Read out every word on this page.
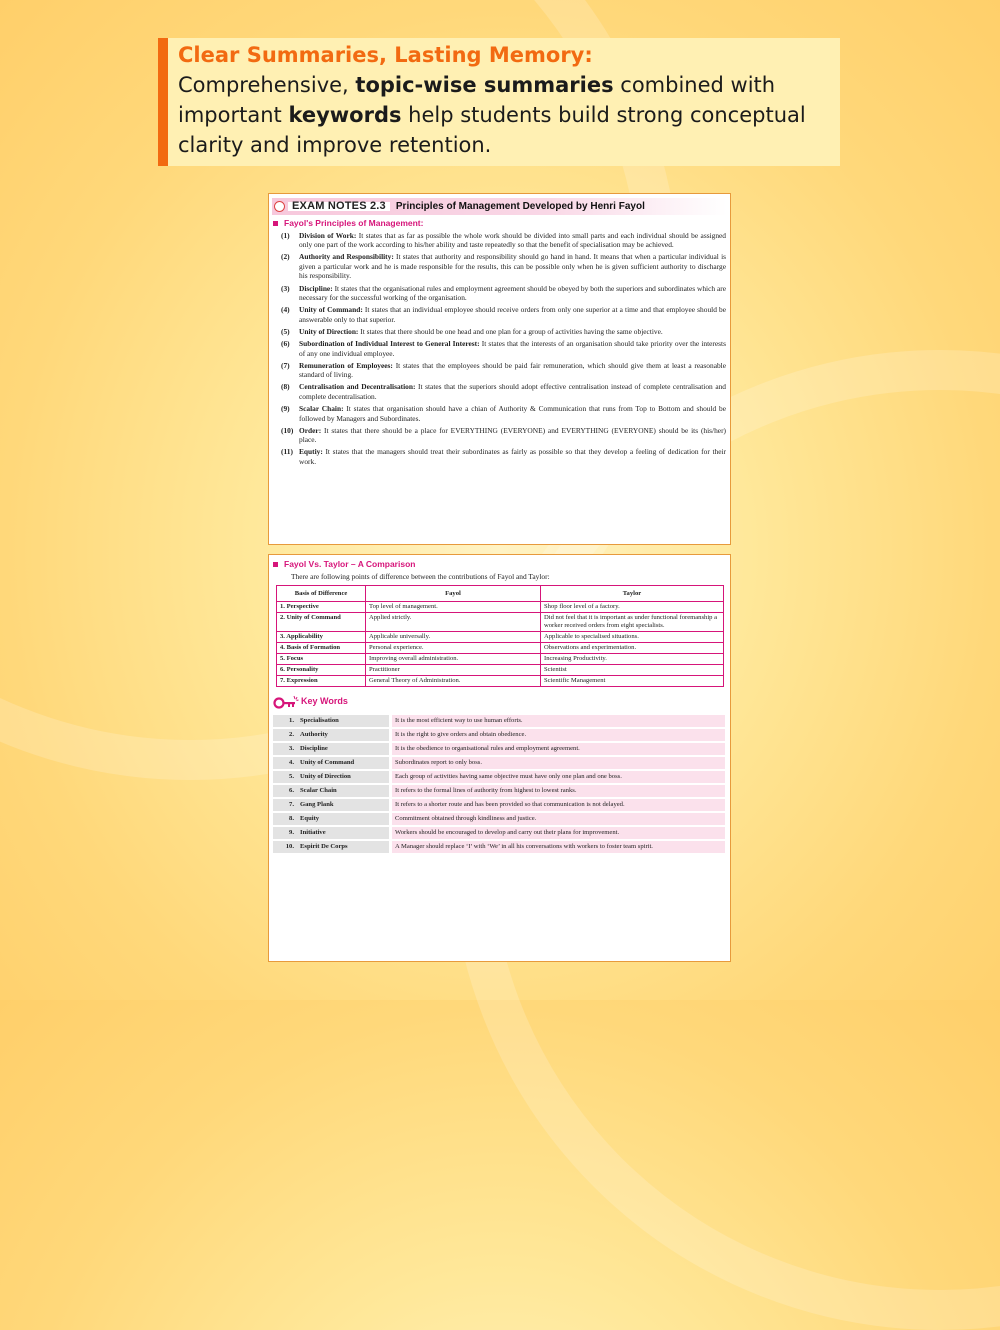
Clear Summaries, Lasting Memory:

Comprehensive, topic-wise summaries combined with important keywords help students build strong conceptual clarity and improve retention.

EXAM NOTES 2.3	Principles of Management Developed by Henri Fayol
Fayol's Principles of Management:
(1)	Division of Work: It states that as far as possible the whole work should be divided into small parts and each individual should be assigned only one part of the work according to his/her ability and taste repeatedly so that the benefit of specialisation may be achieved.
(2)	Authority and Responsibility: It states that authority and responsibility should go hand in hand. It means that when a particular individual is given a particular work and he is made responsible for the results, this can be possible only when he is given sufficient authority to discharge his responsibility.
(3)	Discipline: It states that the organisational rules and employment agreement should be obeyed by both the superiors and subordinates which are necessary for the successful working of the organisation.
(4)	Unity of Command: It states that an individual employee should receive orders from only one superior at a time and that employee should be answerable only to that superior.
(5)	Unity of Direction: It states that there should be one head and one plan for a group of activities having the same objective.
(6)	Subordination of Individual Interest to General Interest: It states that the interests of an organisation should take priority over the interests of any one individual employee.
(7)	Remuneration of Employees: It states that the employees should be paid fair remuneration, which should give them at least a reasonable standard of living.
(8)	Centralisation and Decentralisation: It states that the superiors should adopt effective centralisation instead of complete centralisation and complete decentralisation.
(9)	Scalar Chain: It states that organisation should have a chian of Authority & Communication that runs from Top to Bottom and should be followed by Managers and Subordinates.
(10) Order: It states that there should be a place for EVERYTHING (EVERYONE) and EVERYTHING (EVERYONE) should be its (his/her) place.
(11) Equtiy: It states that the managers should treat their subordinates as fairly as possible so that they develop a feeling of dedication for their work.
Fayol Vs. Taylor – A Comparison
There are following points of difference between the contributions of Fayol and Taylor:
Basis of Difference	Fayol	Taylor
1. Perspective	Top level of management.	Shop floor level of a factory.
2. Unity of Command	Applied strictly.	Did not feel that it is important as under functional foremanship a worker received orders from eight specialists.
3. Applicability	Applicable universally.	Applicable to specialised situations.
4. Basis of Formation	Personal experience.	Observations and experimentation.
5. Focus	Improving overall administration.	Increasing Productivity.
6. Personality	Practitioner	Scientist
7. Expression	General Theory of Administration.	Scientific Management
Key Words
1.	Specialisation	It is the most efficient way to use human efforts.
2.	Authority	It is the right to give orders and obtain obedience.
3.	Discipline	It is the obedience to organisational rules and employment agreement.
4.	Unity of Command	Subordinates report to only boss.
5.	Unity of Direction	Each group of activities having same objective must have only one plan and one boss.
6.	Scalar Chain	It refers to the formal lines of authority from highest to lowest ranks.
7.	Gang Plank	It refers to a shorter route and has been provided so that communication is not delayed.
8.	Equity	Commitment obtained through kindliness and justice.
9.	Initiative	Workers should be encouraged to develop and carry out their plans for improvement.
10.	Espirit De Corps	A Manager should replace ‘I’ with ‘We’ in all his conversations with workers to foster team spirit.
